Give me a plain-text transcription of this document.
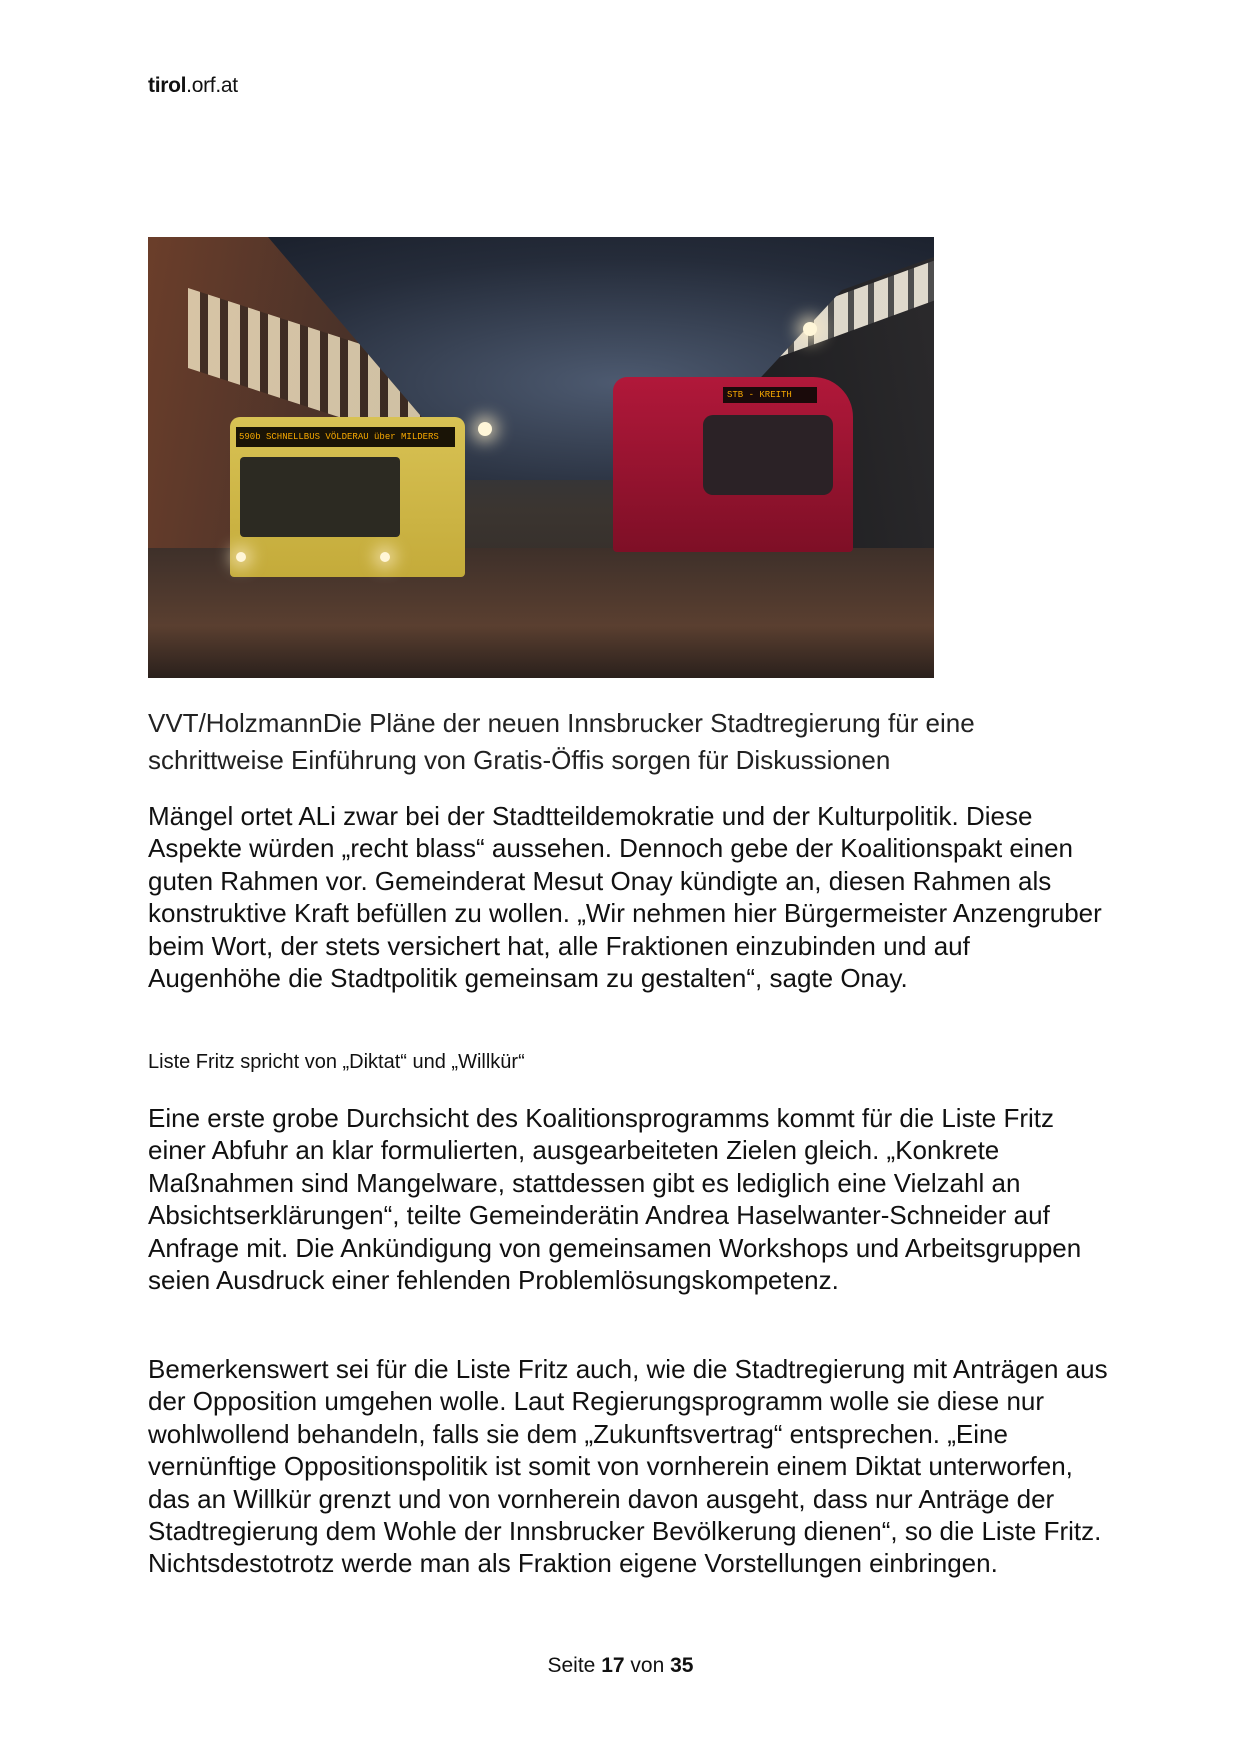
tirol.orf.at
590b SCHNELLBUS VÖLDERAU über MILDERS
STB - KREITH
VVT/HolzmannDie Pläne der neuen Innsbrucker Stadtregierung für eine schrittweise Einführung von Gratis-Öffis sorgen für Diskussionen

Mängel ortet ALi zwar bei der Stadtteildemokratie und der Kulturpolitik. Diese Aspekte würden „recht blass“ aussehen. Dennoch gebe der Koalitionspakt einen guten Rahmen vor. Gemeinderat Mesut Onay kündigte an, diesen Rahmen als konstruktive Kraft befüllen zu wollen. „Wir nehmen hier Bürgermeister Anzengruber beim Wort, der stets versichert hat, alle Fraktionen einzubinden und auf Augenhöhe die Stadtpolitik gemeinsam zu gestalten“, sagte Onay.

Liste Fritz spricht von „Diktat“ und „Willkür“

Eine erste grobe Durchsicht des Koalitionsprogramms kommt für die Liste Fritz einer Abfuhr an klar formulierten, ausgearbeiteten Zielen gleich. „Konkrete Maßnahmen sind Mangelware, stattdessen gibt es lediglich eine Vielzahl an Absichtserklärungen“, teilte Gemeinderätin Andrea Haselwanter-Schneider auf Anfrage mit. Die Ankündigung von gemeinsamen Workshops und Arbeitsgruppen seien Ausdruck einer fehlenden Problemlösungskompetenz.

Bemerkenswert sei für die Liste Fritz auch, wie die Stadtregierung mit Anträgen aus der Opposition umgehen wolle. Laut Regierungsprogramm wolle sie diese nur wohlwollend behandeln, falls sie dem „Zukunftsvertrag“ entsprechen. „Eine vernünftige Oppositionspolitik ist somit von vornherein einem Diktat unterworfen, das an Willkür grenzt und von vornherein davon ausgeht, dass nur Anträge der Stadtregierung dem Wohle der Innsbrucker Bevölkerung dienen“, so die Liste Fritz. Nichtsdestotrotz werde man als Fraktion eigene Vorstellungen einbringen.

Seite 17 von 35
